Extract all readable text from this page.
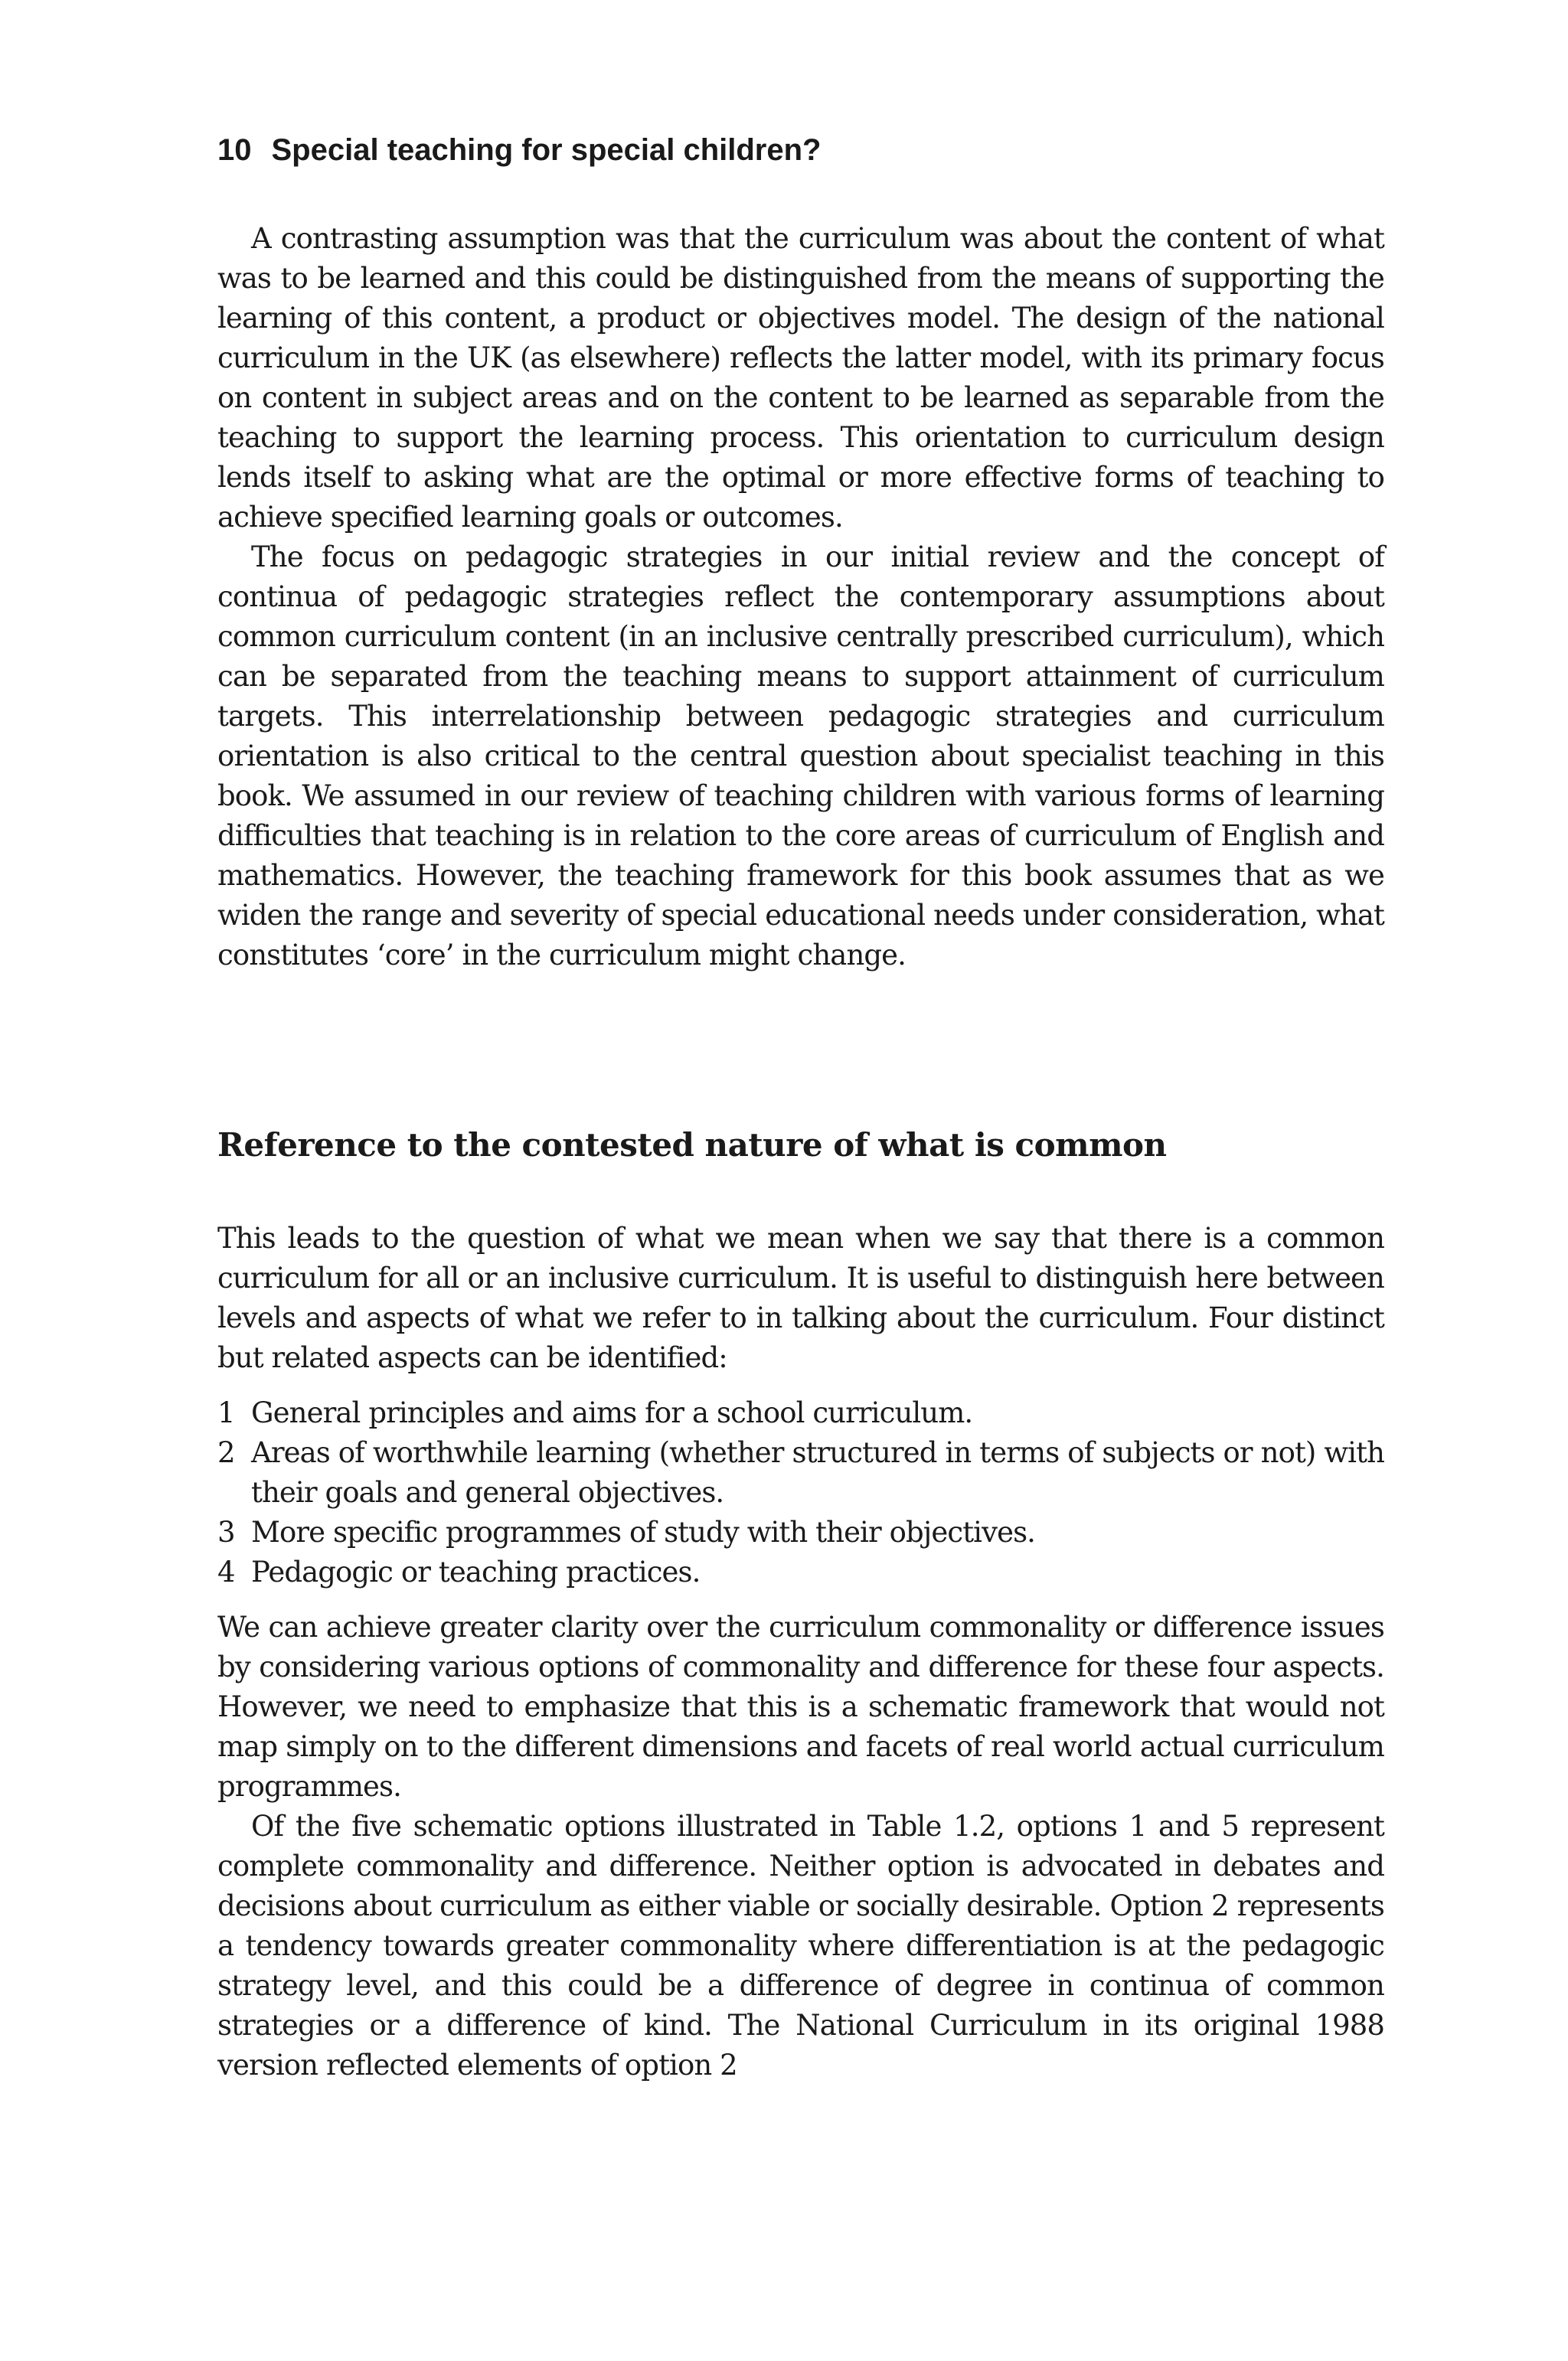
10 Special teaching for special children?

A contrasting assumption was that the curriculum was about the content of what was to be learned and this could be distinguished from the means of supporting the learning of this content, a product or objectives model. The design of the national curriculum in the UK (as elsewhere) reflects the latter model, with its primary focus on content in subject areas and on the content to be learned as separable from the teaching to support the learning process. This orientation to curriculum design lends itself to asking what are the optimal or more effective forms of teaching to achieve specified learning goals or outcomes.

The focus on pedagogic strategies in our initial review and the concept of continua of pedagogic strategies reflect the contemporary assumptions about common curriculum content (in an inclusive centrally prescribed curriculum), which can be separated from the teaching means to support attainment of curriculum targets. This interrelationship between pedagogic strategies and curriculum orientation is also critical to the central question about specialist teaching in this book. We assumed in our review of teaching children with various forms of learning difficulties that teaching is in relation to the core areas of curriculum of English and mathematics. However, the teaching framework for this book assumes that as we widen the range and severity of special educational needs under consideration, what constitutes ‘core’ in the curriculum might change.

Reference to the contested nature of what is common

This leads to the question of what we mean when we say that there is a common curriculum for all or an inclusive curriculum. It is useful to distinguish here between levels and aspects of what we refer to in talking about the curriculum. Four distinct but related aspects can be identified:

1 General principles and aims for a school curriculum.
2 Areas of worthwhile learning (whether structured in terms of subjects or not) with their goals and general objectives.
3 More specific programmes of study with their objectives.
4 Pedagogic or teaching practices.

We can achieve greater clarity over the curriculum commonality or difference issues by considering various options of commonality and difference for these four aspects. However, we need to emphasize that this is a schematic framework that would not map simply on to the different dimensions and facets of real world actual curriculum programmes.

Of the five schematic options illustrated in Table 1.2, options 1 and 5 represent complete commonality and difference. Neither option is advocated in debates and decisions about curriculum as either viable or socially desirable. Option 2 represents a tendency towards greater commonality where differentiation is at the pedagogic strategy level, and this could be a difference of degree in continua of common strategies or a difference of kind. The National Curriculum in its original 1988 version reflected elements of option 2
